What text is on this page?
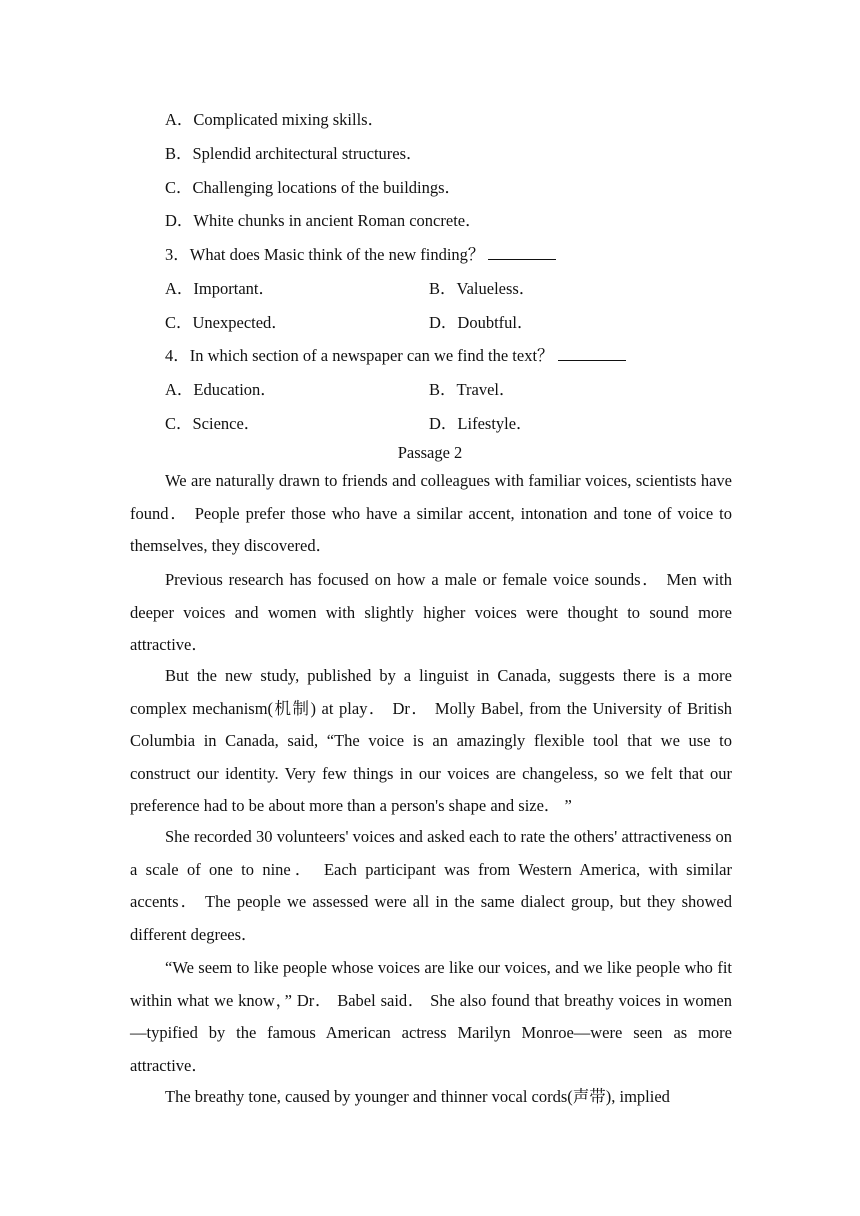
A．Complicated mixing skills．
B．Splendid architectural structures．
C．Challenging locations of the buildings．
D．White chunks in ancient Roman concrete．
3．What does Masic think of the new finding？
A．Important．	B．Valueless．
C．Unexpected．	D．Doubtful．
4．In which section of a newspaper can we find the text？
A．Education．	B．Travel．
C．Science．	D．Lifestyle．
Passage 2

We are naturally drawn to friends and colleagues with familiar voices, scientists have found． People prefer those who have a similar accent, intonation and tone of voice to themselves, they discovered．

Previous research has focused on how a male or female voice sounds． Men with deeper voices and women with slightly higher voices were thought to sound more attractive．

But the new study, published by a linguist in Canada, suggests there is a more complex mechanism(机制) at play． Dr． Molly Babel, from the University of British Columbia in Canada, said, “The voice is an amazingly flexible tool that we use to construct our identity. Very few things in our voices are changeless, so we felt that our preference had to be about more than a person's shape and size． ”

She recorded 30 volunteers' voices and asked each to rate the others' attractiveness on a scale of one to nine． Each participant was from Western America, with similar accents． The people we assessed were all in the same dialect group, but they showed different degrees．

“We seem to like people whose voices are like our voices, and we like people who fit within what we know，” Dr． Babel said． She also found that breathy voices in women—typified by the famous American actress Marilyn Monroe—were seen as more attractive．

The breathy tone, caused by younger and thinner vocal cords(声带), implied
